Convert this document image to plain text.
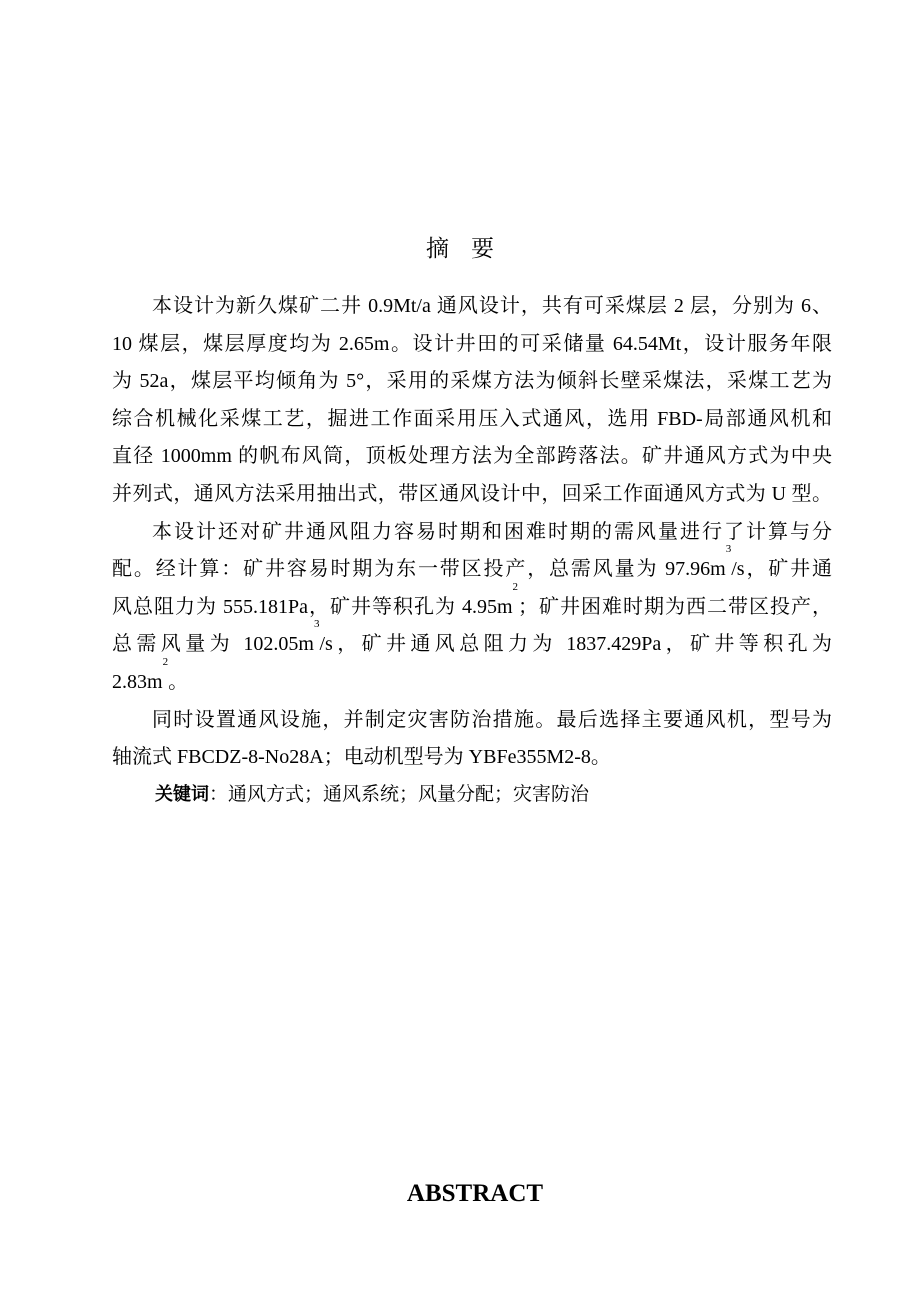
摘要
本设计为新久煤矿二井 0.9Mt/a 通风设计，共有可采煤层 2 层，分别为 6、
10 煤层，煤层厚度均为 2.65m。设计井田的可采储量 64.54Mt，设计服务年限
为 52a，煤层平均倾角为 5°，采用的采煤方法为倾斜长壁采煤法，采煤工艺为
综合机械化采煤工艺，掘进工作面采用压入式通风，选用 FBD-局部通风机和
直径 1000mm 的帆布风筒，顶板处理方法为全部跨落法。矿井通风方式为中央
并列式，通风方法采用抽出式，带区通风设计中，回采工作面通风方式为 U 型。
本设计还对矿井通风阻力容易时期和困难时期的需风量进行了计算与分
配。经计算：矿井容易时期为东一带区投产，总需风量为 $97.96m^3/s$，矿井通
风总阻力为 555.181Pa，矿井等积孔为 $4.95m^2$；矿井困难时期为西二带区投产，
总需风量为 $102.05m^3/s$，矿井通风总阻力为 1837.429Pa，矿井等积孔为
$2.83m^2$。
同时设置通风设施，并制定灾害防治措施。最后选择主要通风机，型号为
轴流式 FBCDZ-8-No28A；电动机型号为 YBFe355M2-8。
关键词：通风方式；通风系统；风量分配；灾害防治
ABSTRACT
